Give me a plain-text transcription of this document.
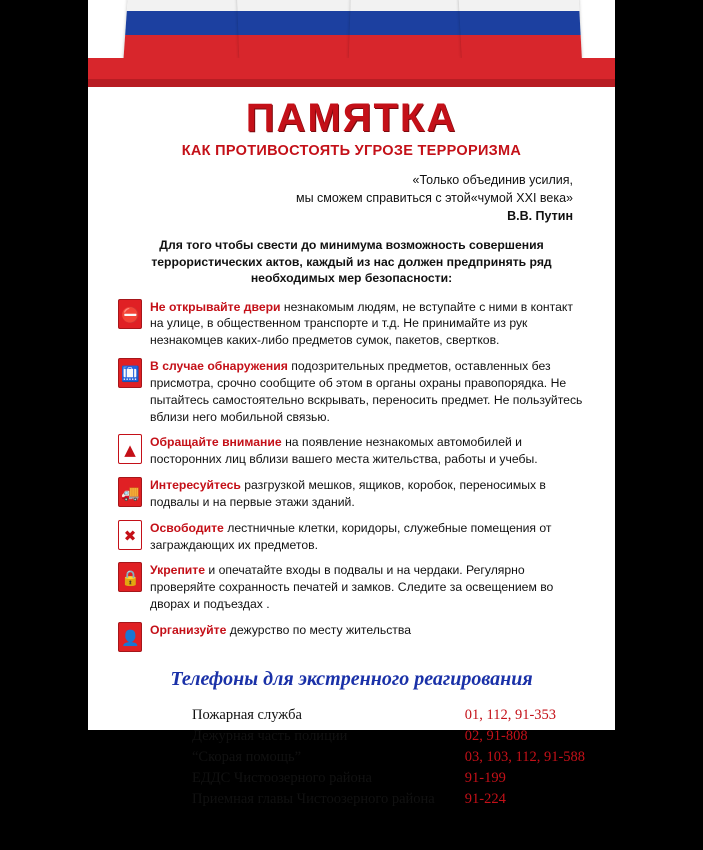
ПАМЯТКА
КАК ПРОТИВОСТОЯТЬ УГРОЗЕ ТЕРРОРИЗМА
«Только объединив усилия,
мы сможем справиться с этой«чумой XXI века»
В.В. Путин
Для того чтобы свести до минимума возможность совершения террористических актов, каждый из нас должен предпринять ряд необходимых мер безопасности:
⛔ Не открывайте двери незнакомым людям, не вступайте с ними в контакт на улице, в общественном транспорте и т.д. Не принимайте из рук незнакомцев каких-либо предметов сумок, пакетов, свертков.
🛄 В случае обнаружения подозрительных предметов, оставленных без присмотра, срочно сообщите об этом в органы охраны правопорядка. Не пытайтесь самостоятельно вскрывать, переносить предмет. Не пользуйтесь вблизи него мобильной связью.
▲ Обращайте внимание на появление незнакомых автомобилей и посторонних лиц вблизи вашего места жительства, работы и учебы.
🚚 Интересуйтесь разгрузкой мешков, ящиков, коробок, переносимых в подвалы и на первые этажи зданий.
✖ Освободите лестничные клетки, коридоры, служебные помещения от заграждающих их предметов.
🔒 Укрепите и опечатайте входы в подвалы и на чердаки. Регулярно проверяйте сохранность печатей и замков. Следите за освещением во дворах и подъездах .
👤 Организуйте дежурство по месту жительства
Телефоны для экстренного реагирования
Пожарная служба	01, 112, 91-353
Дежурная часть полиции	02, 91-808
“Скорая помощь”	03, 103, 112, 91-588
ЕДДС Чистоозерного района	91-199
Приемная главы Чистоозерного района	91-224
